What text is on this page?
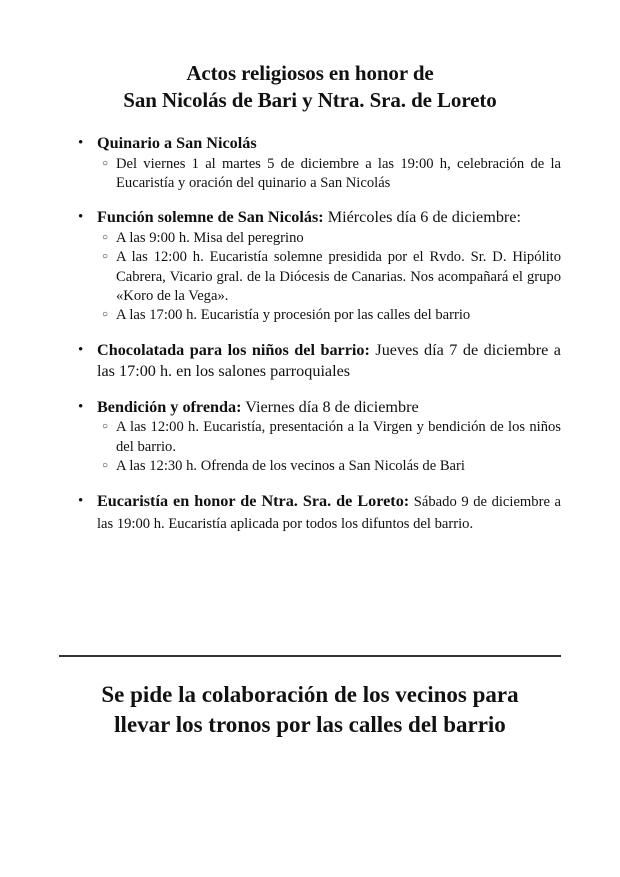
Actos religiosos en honor de
San Nicolás de Bari y Ntra. Sra. de Loreto
• Quinario a San Nicolás
○ Del viernes 1 al martes 5 de diciembre a las 19:00 h, celebración de la Eucaristía y oración del quinario a San Nicolás
• Función solemne de San Nicolás: Miércoles día 6 de diciembre:
○ A las 9:00 h. Misa del peregrino
○ A las 12:00 h. Eucaristía solemne presidida por el Rvdo. Sr. D. Hipólito Cabrera, Vicario gral. de la Diócesis de Canarias. Nos acompañará el grupo «Koro de la Vega».
○ A las 17:00 h. Eucaristía y procesión por las calles del barrio
• Chocolatada para los niños del barrio: Jueves día 7 de diciembre a las 17:00 h. en los salones parroquiales
• Bendición y ofrenda: Viernes día 8 de diciembre
○ A las 12:00 h. Eucaristía, presentación a la Virgen y bendición de los niños del barrio.
○ A las 12:30 h. Ofrenda de los vecinos a San Nicolás de Bari
• Eucaristía en honor de Ntra. Sra. de Loreto: Sábado 9 de diciembre a las 19:00 h. Eucaristía aplicada por todos los difuntos del barrio.
Se pide la colaboración de los vecinos para
llevar los tronos por las calles del barrio
